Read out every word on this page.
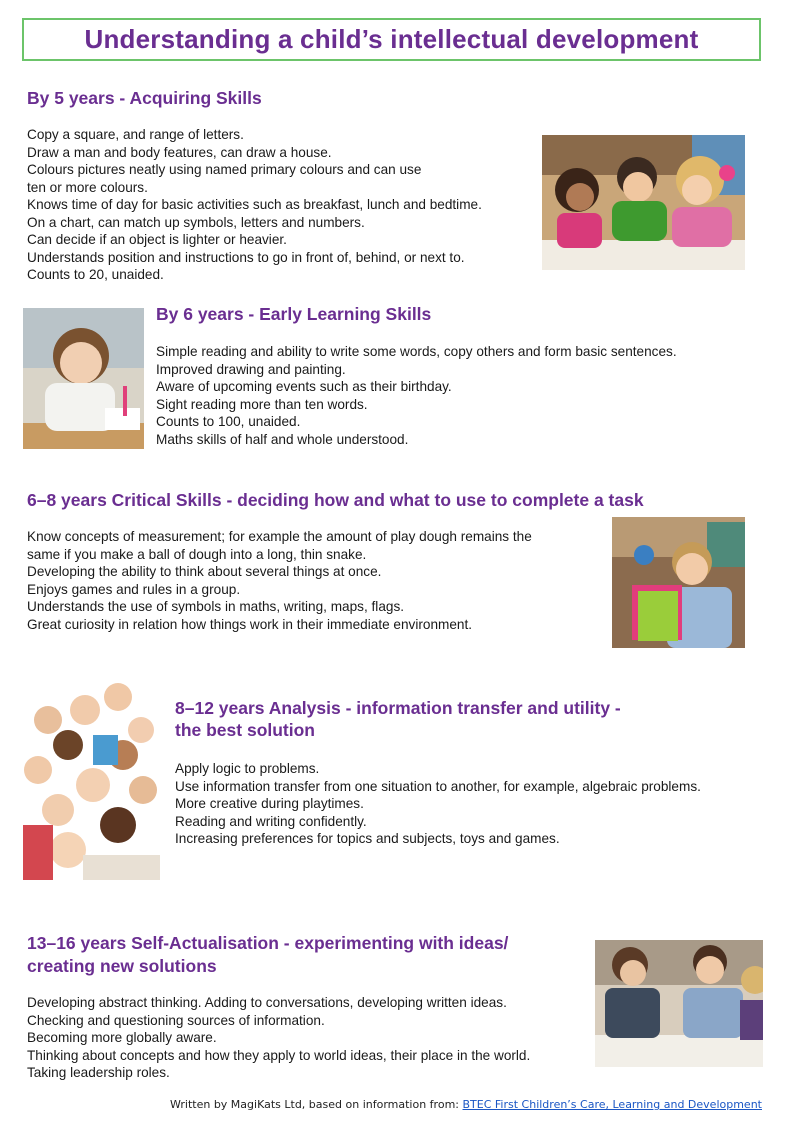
Understanding a child’s intellectual development
By 5 years - Acquiring Skills
Copy a square, and range of letters.
Draw a man and body features, can draw a house.
Colours pictures neatly using named primary colours and can use
ten or more colours.
Knows time of day for basic activities such as breakfast, lunch and bedtime.
On a chart, can match up symbols, letters and numbers.
Can decide if an object is lighter or heavier.
Understands position and instructions to go in front of, behind, or next to.
Counts to 20, unaided.
By 6 years - Early Learning Skills
Simple reading and ability to write some words, copy others and form basic sentences.
Improved drawing and painting.
Aware of upcoming events such as their birthday.
Sight reading more than ten words.
Counts to 100, unaided.
Maths skills of half and whole understood.
6–8 years Critical Skills - deciding how and what to use to complete a task
Know concepts of measurement; for example the amount of play dough remains the
same if you make a ball of dough into a long, thin snake.
Developing the ability to think about several things at once.
Enjoys games and rules in a group.
Understands the use of symbols in maths, writing, maps, flags.
Great curiosity in relation how things work in their immediate environment.
8–12 years Analysis - information transfer and utility -
the best solution
Apply logic to problems.
Use information transfer from one situation to another, for example, algebraic problems.
More creative during playtimes.
Reading and writing confidently.
Increasing preferences for topics and subjects, toys and games.
13–16 years Self-Actualisation - experimenting with ideas/
creating new solutions
Developing abstract thinking. Adding to conversations, developing written ideas.
Checking and questioning sources of information.
Becoming more globally aware.
Thinking about concepts and how they apply to world ideas, their place in the world.
Taking leadership roles.
Written by MagiKats Ltd, based on information from: BTEC First Children’s Care, Learning and Development
